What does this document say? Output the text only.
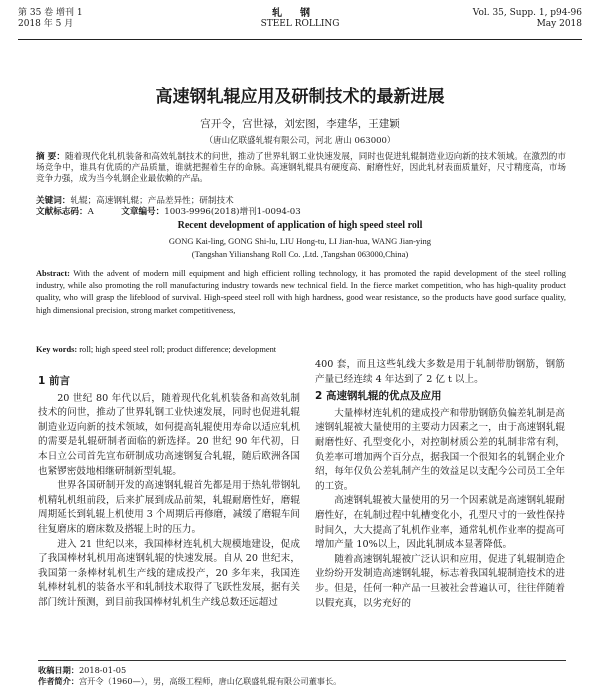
第 35 卷 增刊 1
2018 年 5 月
轧钢
STEEL ROLLING
Vol. 35, Supp. 1, p94-96
May 2018
高速钢轧辊应用及研制技术的最新进展
宫开令，宫世禄，刘宏图，李建华，王建颖
（唐山亿联盛轧辊有限公司，河北 唐山 063000）
摘 要：随着现代化轧机装备和高效轧制技术的问世，推动了世界轧钢工业快速发展，同时也促进轧辊制造业迈向新的技术领域。在激烈的市场竞争中，谁具有优质的产品质量，谁就把握着生存的命脉。高速钢轧辊具有硬度高、耐磨性好，因此轧材表面质量好，尺寸精度高，市场竞争力强，成为当今轧钢企业最依赖的产品。
关键词：轧辊；高速钢轧辊；产品差异性；研制技术
文献标志码：A	文章编号：1003-9996(2018)增刊1-0094-03
Recent development of application of high speed steel roll
GONG Kai-ling, GONG Shi-lu, LIU Hong-tu, LI Jian-hua, WANG Jian-ying
(Tangshan Yilianshang Roll Co. ,Ltd. ,Tangshan 063000,China)
Abstract: With the advent of modern mill equipment and high efficient rolling technology, it has promoted the rapid development of the steel rolling industry, while also promoting the roll manufacturing industry towards new technical field. In the fierce market competition, who has high-quality product quality, who will grasp the lifeblood of survival. High-speed steel roll with high hardness, good wear resistance, so the products have good surface quality, high dimensional precision, strong market competitiveness,
Key words: roll; high speed steel roll; product difference; development
1 前言

20 世纪 80 年代以后，随着现代化轧机装备和高效轧制技术的问世，推动了世界轧钢工业快速发展，同时也促进轧辊制造业迈向新的技术领域，如何提高轧辊使用寿命以适应轧机的需要是轧辊研制者面临的新选择。20 世纪 90 年代初，日本日立公司首先宣布研制成功高速钢复合轧辊，随后欧洲各国也紧锣密鼓地相继研制新型轧辊。

世界各国研制开发的高速钢轧辊首先都是用于热轧带钢轧机精轧机组前段，后来扩展到成品前架，轧辊耐磨性好，磨辊周期延长到轧辊上机使用 3 个周期后再修磨，减缓了磨辊车间往复磨床的磨床数及搭辊上时的压力。

进入 21 世纪以来，我国棒材连轧机大规模地建设，促成了我国棒材轧机用高速钢轧辊的快速发展。自从 20 世纪末，我国第一条棒材轧机生产线的建成投产，20 多年来，我国连轧棒材轧机的装备水平和轧制技术取得了飞跃性发展，据有关部门统计预测，到目前我国棒材轧机生产线总数还远超过

400 套，而且这些轧线大多数是用于轧制带肋钢筋，钢筋产量已经连续 4 年达到了 2 亿 t 以上。

2 高速钢轧辊的优点及应用

大量棒材连轧机的建成投产和带肋钢筋负偏差轧制是高速钢轧辊被大量使用的主要动力因素之一，由于高速钢轧辊耐磨性好、孔型变化小，对控制材质公差的轧制非常有利，负差率可增加两个百分点，据我国一个很知名的轧钢企业介绍，每年仅负公差轧制产生的效益足以支配今公司员工全年的工资。

高速钢轧辊被大量使用的另一个因素就是高速钢轧辊耐磨性好，在轧制过程中轧槽变化小，孔型尺寸的一致性保持时间久，大大提高了轧机作业率，通常轧机作业率的提高可增加产量 10%以上，因此轧制成本显著降低。

随着高速钢轧辊被广泛认识和应用，促进了轧辊制造企业纷纷开发制造高速钢轧辊，标志着我国轧辊制造技术的进步。但是，任何一种产品一旦被社会普遍认可，往往伴随着以假充真，以劣充好的

收稿日期：2018-01-05
作者简介：宫开令（1960—），男，高级工程师，唐山亿联盛轧辊有限公司董事长。
